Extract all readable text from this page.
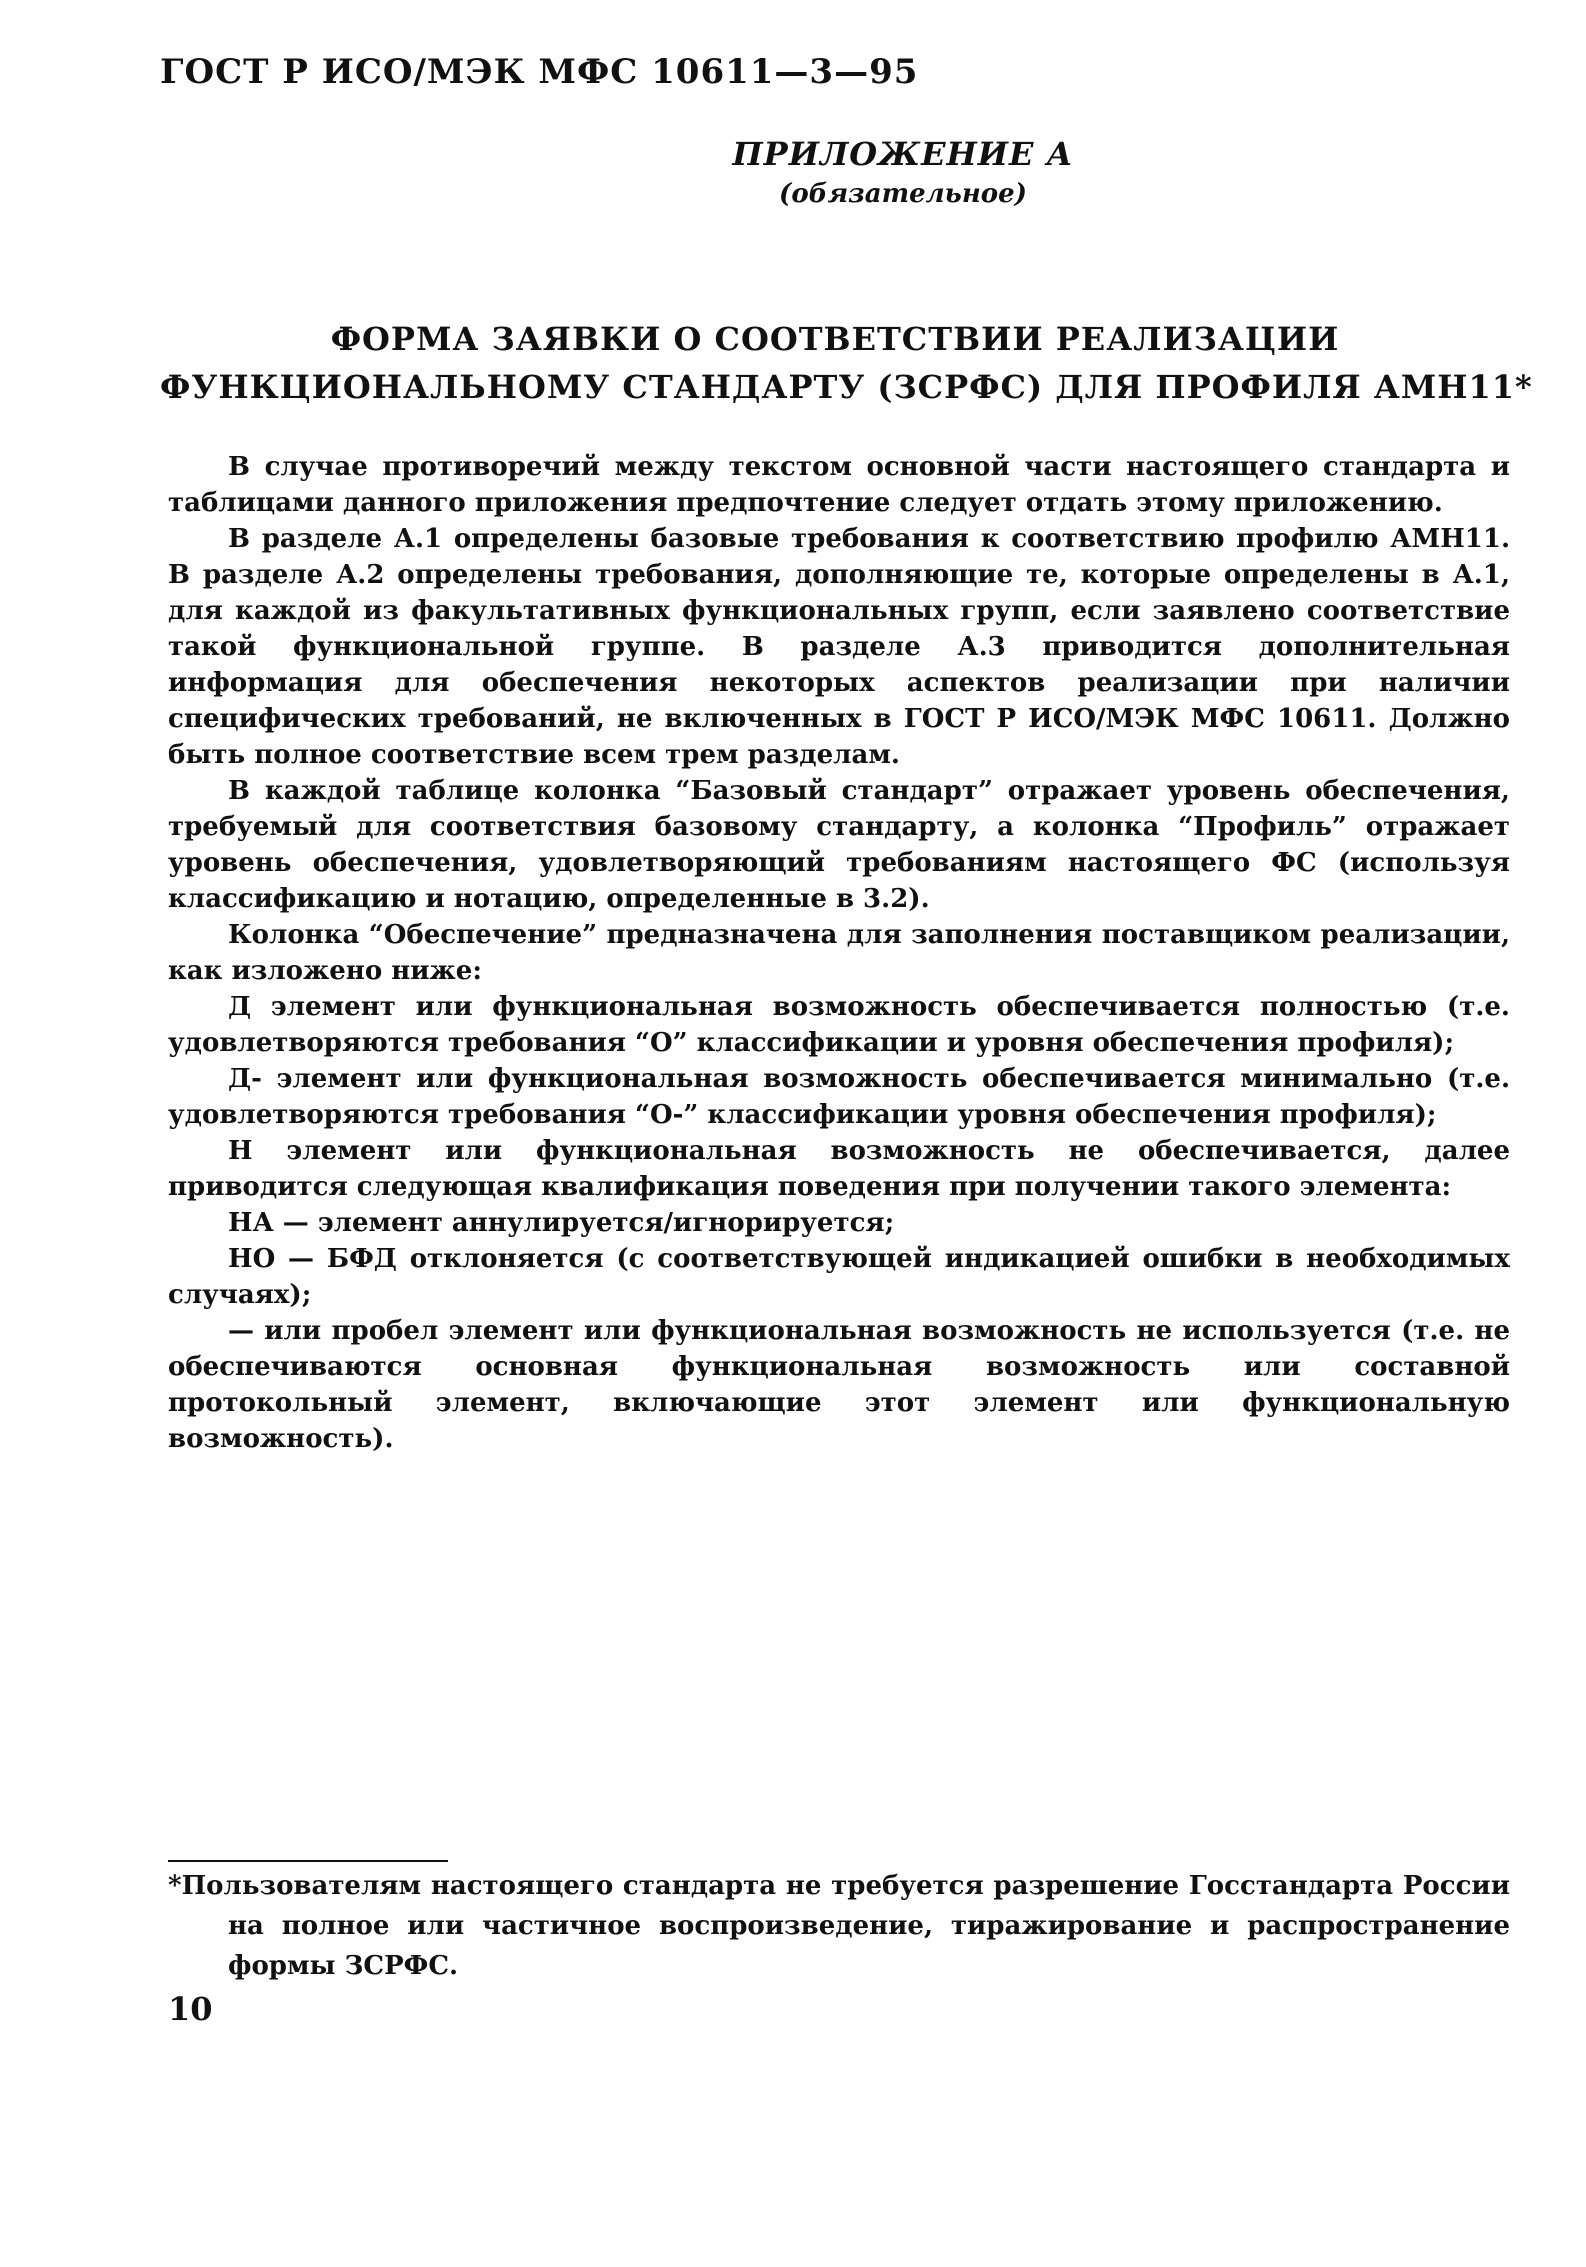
ГОСТ Р ИСО/МЭК МФС 10611—3—95
ПРИЛОЖЕНИЕ А
(обязательное)
ФОРМА ЗАЯВКИ О СООТВЕТСТВИИ РЕАЛИЗАЦИИ
ФУНКЦИОНАЛЬНОМУ СТАНДАРТУ (ЗСРФС) ДЛЯ ПРОФИЛЯ АМН11*

В случае противоречий между текстом основной части настоящего стандарта и таблицами данного приложения предпочтение следует отдать этому приложению.

В разделе А.1 определены базовые требования к соответствию профилю АМН11. В разделе А.2 определены требования, дополняющие те, которые определены в А.1, для каждой из факультативных функциональных групп, если заявлено соответствие такой функциональной группе. В разделе А.3 приводится дополнительная информация для обеспечения некоторых аспектов реализации при наличии специфических требований, не включенных в ГОСТ Р ИСО/МЭК МФС 10611. Должно быть полное соответствие всем трем разделам.

В каждой таблице колонка “Базовый стандарт” отражает уровень обеспечения, требуемый для соответствия базовому стандарту, а колонка “Профиль” отражает уровень обеспечения, удовлетворяющий требованиям настоящего ФС (используя классификацию и нотацию, определенные в 3.2).

Колонка “Обеспечение” предназначена для заполнения поставщиком реализации, как изложено ниже:

Д элемент или функциональная возможность обеспечивается полностью (т.е. удовлетворяются требования “О” классификации и уровня обеспечения профиля);

Д- элемент или функциональная возможность обеспечивается минимально (т.е. удовлетворяются требования “О-” классификации уровня обеспечения профиля);

Н элемент или функциональная возможность не обеспечивается, далее приводится следующая квалификация поведения при получении такого элемента:

НА — элемент аннулируется/игнорируется;

НО — БФД отклоняется (с соответствующей индикацией ошибки в необходимых случаях);

— или пробел элемент или функциональная возможность не используется (т.е. не обеспечиваются основная функциональная возможность или составной протокольный элемент, включающие этот элемент или функциональную возможность).

*Пользователям настоящего стандарта не требуется разрешение Госстандарта России на полное или частичное воспроизведение, тиражирование и распространение формы ЗСРФС.
10
